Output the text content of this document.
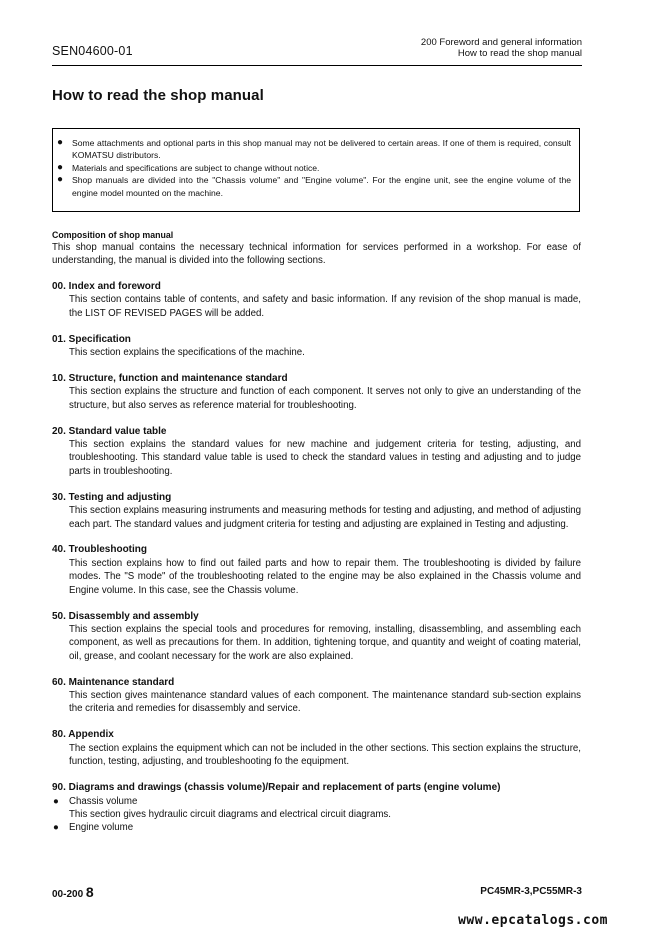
SEN04600-01
200 Foreword and general information
How to read the shop manual
How to read the shop manual
● Some attachments and optional parts in this shop manual may not be delivered to certain areas. If one of them is required, consult KOMATSU distributors.
● Materials and specifications are subject to change without notice.
● Shop manuals are divided into the "Chassis volume" and "Engine volume". For the engine unit, see the engine volume of the engine model mounted on the machine.
Composition of shop manual
This shop manual contains the necessary technical information for services performed in a workshop. For ease of understanding, the manual is divided into the following sections.
00. Index and foreword
This section contains table of contents, and safety and basic information. If any revision of the shop manual is made, the LIST OF REVISED PAGES will be added.
01. Specification
This section explains the specifications of the machine.
10. Structure, function and maintenance standard
This section explains the structure and function of each component. It serves not only to give an understanding of the structure, but also serves as reference material for troubleshooting.
20. Standard value table
This section explains the standard values for new machine and judgement criteria for testing, adjusting, and troubleshooting. This standard value table is used to check the standard values in testing and adjusting and to judge parts in troubleshooting.
30. Testing and adjusting
This section explains measuring instruments and measuring methods for testing and adjusting, and method of adjusting each part. The standard values and judgment criteria for testing and adjusting are explained in Testing and adjusting.
40. Troubleshooting
This section explains how to find out failed parts and how to repair them. The troubleshooting is divided by failure modes. The "S mode" of the troubleshooting related to the engine may be also explained in the Chassis volume and Engine volume. In this case, see the Chassis volume.
50. Disassembly and assembly
This section explains the special tools and procedures for removing, installing, disassembling, and assembling each component, as well as precautions for them. In addition, tightening torque, and quantity and weight of coating material, oil, grease, and coolant necessary for the work are also explained.
60. Maintenance standard
This section gives maintenance standard values of each component. The maintenance standard sub-section explains the criteria and remedies for disassembly and service.
80. Appendix
The section explains the equipment which can not be included in the other sections. This section explains the structure, function, testing, adjusting, and troubleshooting fo the equipment.
90. Diagrams and drawings (chassis volume)/Repair and replacement of parts (engine volume)
● Chassis volume
This section gives hydraulic circuit diagrams and electrical circuit diagrams.
● Engine volume
00-200 8	PC45MR-3,PC55MR-3
www.epcatalogs.com
